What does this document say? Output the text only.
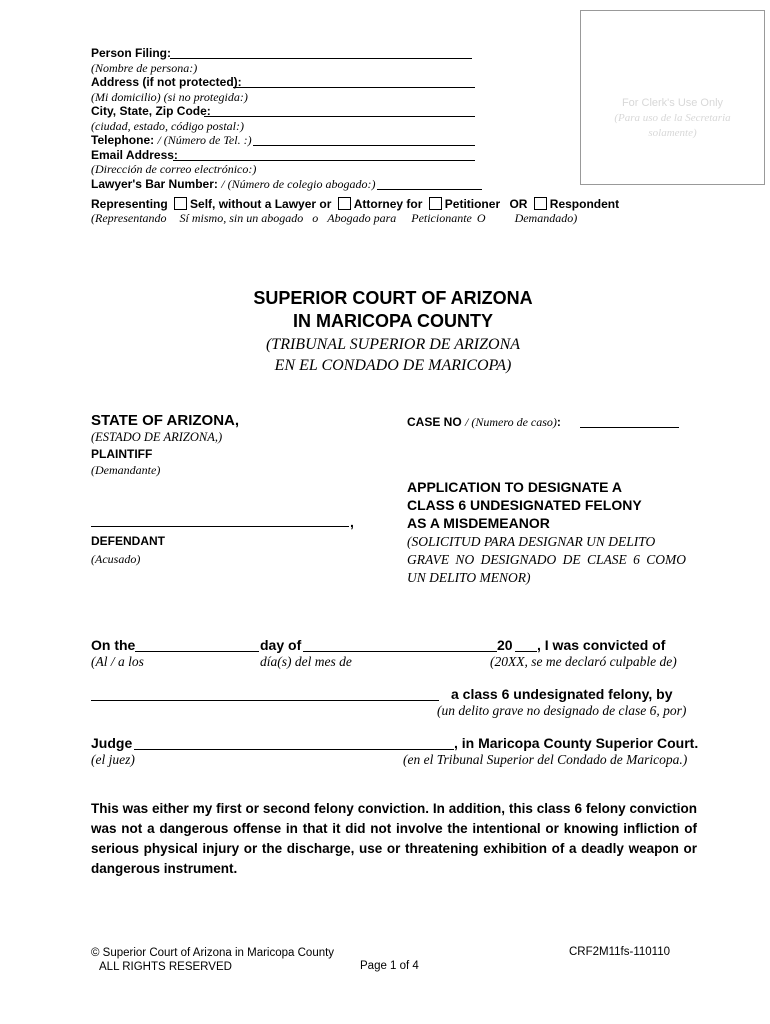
For Clerk's Use Only
(Para uso de la Secretaria
solamente)
Person Filing:
(Nombre de persona:)
Address (if not protected):
(Mi domicilio) (si no protegida:)
City, State, Zip Code:
(ciudad, estado, código postal:)
Telephone: / (Número de Tel. :)
Email Address:
(Dirección de correo electrónico:)
Lawyer's Bar Number: / (Número de colegio abogado:)
Representing Self, without a Lawyer or Attorney for Petitioner OR Respondent
(Representando Sí mismo, sin un abogado o Abogado para Peticionante O Demandado)
SUPERIOR COURT OF ARIZONA
IN MARICOPA COUNTY
(TRIBUNAL SUPERIOR DE ARIZONA
EN EL CONDADO DE MARICOPA)
STATE OF ARIZONA,
(ESTADO DE ARIZONA,)
PLAINTIFF
(Demandante)
,
DEFENDANT
(Acusado)
CASE NO / (Numero de caso):
APPLICATION TO DESIGNATE A
CLASS 6 UNDESIGNATED FELONY
AS A MISDEMEANOR
(SOLICITUD PARA DESIGNAR UN DELITO
GRAVE NO DESIGNADO DE CLASE 6 COMO
UN DELITO MENOR)
On the	day of	20 , I was convicted of
(Al / a los	día(s) del mes de	(20XX, se me declaró culpable de)
a class 6 undesignated felony, by
(un delito grave no designado de clase 6, por)
Judge	, in Maricopa County Superior Court.
(el juez)	(en el Tribunal Superior del Condado de Maricopa.)
This was either my first or second felony conviction. In addition, this class 6 felony conviction was not a dangerous offense in that it did not involve the intentional or knowing infliction of serious physical injury or the discharge, use or threatening exhibition of a deadly weapon or dangerous instrument.
© Superior Court of Arizona in Maricopa County
ALL RIGHTS RESERVED	Page 1 of 4
CRF2M11fs-110110
